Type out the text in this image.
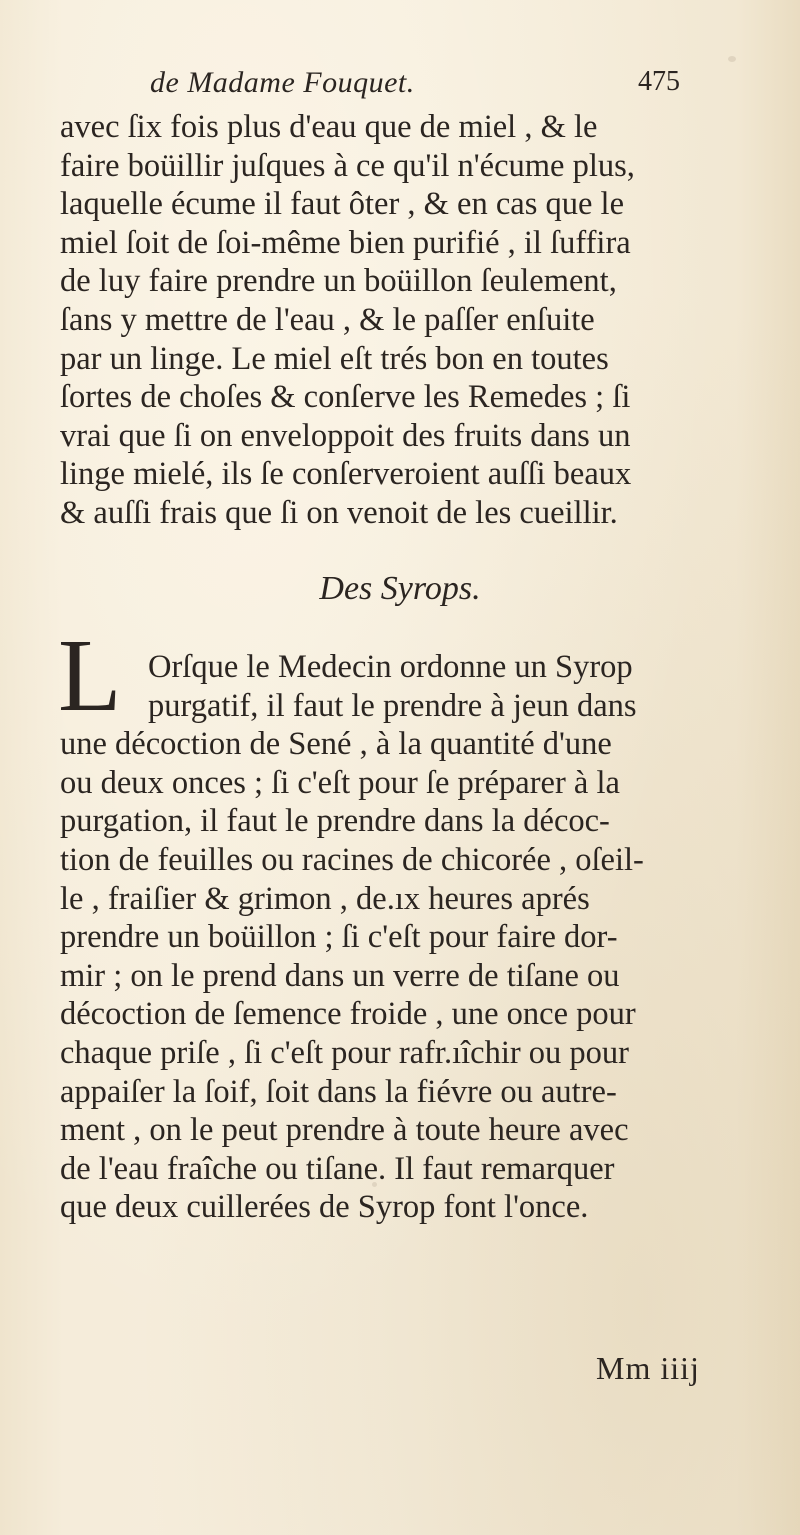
de Madame Fouquet.	475
avec ſix fois plus d'eau que de miel , & le
faire boüillir juſques à ce qu'il n'écume plus,
laquelle écume il faut ôter , & en cas que le
miel ſoit de ſoi-même bien purifié , il ſuffira
de luy faire prendre un boüillon ſeulement,
ſans y mettre de l'eau , & le paſſer enſuite
par un linge. Le miel eſt trés bon en toutes
ſortes de choſes & conſerve les Remedes ; ſi
vrai que ſi on enveloppoit des fruits dans un
linge mielé, ils ſe conſerveroient auſſi beaux
& auſſi frais que ſi on venoit de les cueillir.
Des Syrops.
L Orſque le Medecin ordonne un Syrop
purgatif, il faut le prendre à jeun dans
une décoction de Sené , à la quantité d'une
ou deux onces ; ſi c'eſt pour ſe préparer à la
purgation, il faut le prendre dans la décoc-
tion de feuilles ou racines de chicorée , oſeil-
le , fraiſier & grimon , de.ıx heures aprés
prendre un boüillon ; ſi c'eſt pour faire dor-
mir ; on le prend dans un verre de tiſane ou
décoction de ſemence froide , une once pour
chaque priſe , ſi c'eſt pour rafr.ıîchir ou pour
appaiſer la ſoif, ſoit dans la fiévre ou autre-
ment , on le peut prendre à toute heure avec
de l'eau fraîche ou tiſane. Il faut remarquer
que deux cuillerées de Syrop font l'once.
Mm iiij
